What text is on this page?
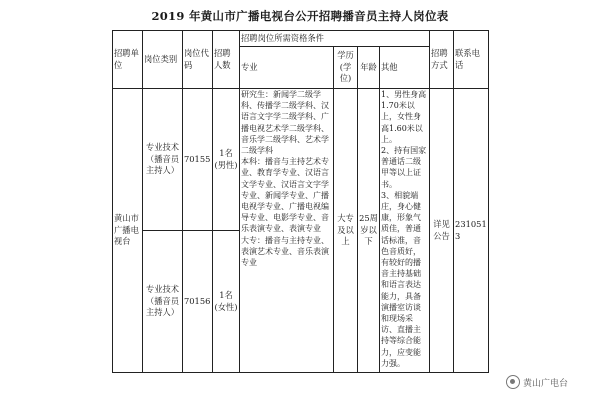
2019 年黄山市广播电视台公开招聘播音员主持人岗位表
招聘单位	岗位类别	岗位代码	招聘人数	招聘岗位所需资格条件				招聘方式	联系电话
				专业	学历(学位)	年龄	其他		
黄山市广播电视台	专业技术（播音员主持人）	70155	1名(男性)	研究生：新闻学二级学科、传播学二级学科、汉语言文字学二级学科、广播电视艺术学二级学科、音乐学二级学科、艺术学二级学科
本科：播音与主持艺术专业、教育学专业、汉语言文学专业、汉语言文字学专业、新闻学专业、广播电视学专业、广播电视编导专业、电影学专业、音乐表演专业、表演专业
大专：播音与主持专业、表演艺术专业、音乐表演专业	大专及以上	25周岁以下	1、男性身高1.70米以上，女性身高1.60米以上。
2、持有国家普通话二级甲等以上证书。
3、相貌端庄，身心健康，形象气质佳，普通话标准，音色音质好，有较好的播音主持基础和语言表达能力，具备演播室访谈和现场采访、直播主持等综合能力，应变能力强。	详见公告	2310513
	专业技术（播音员主持人）	70156	1名(女性)						
黄山广电台
